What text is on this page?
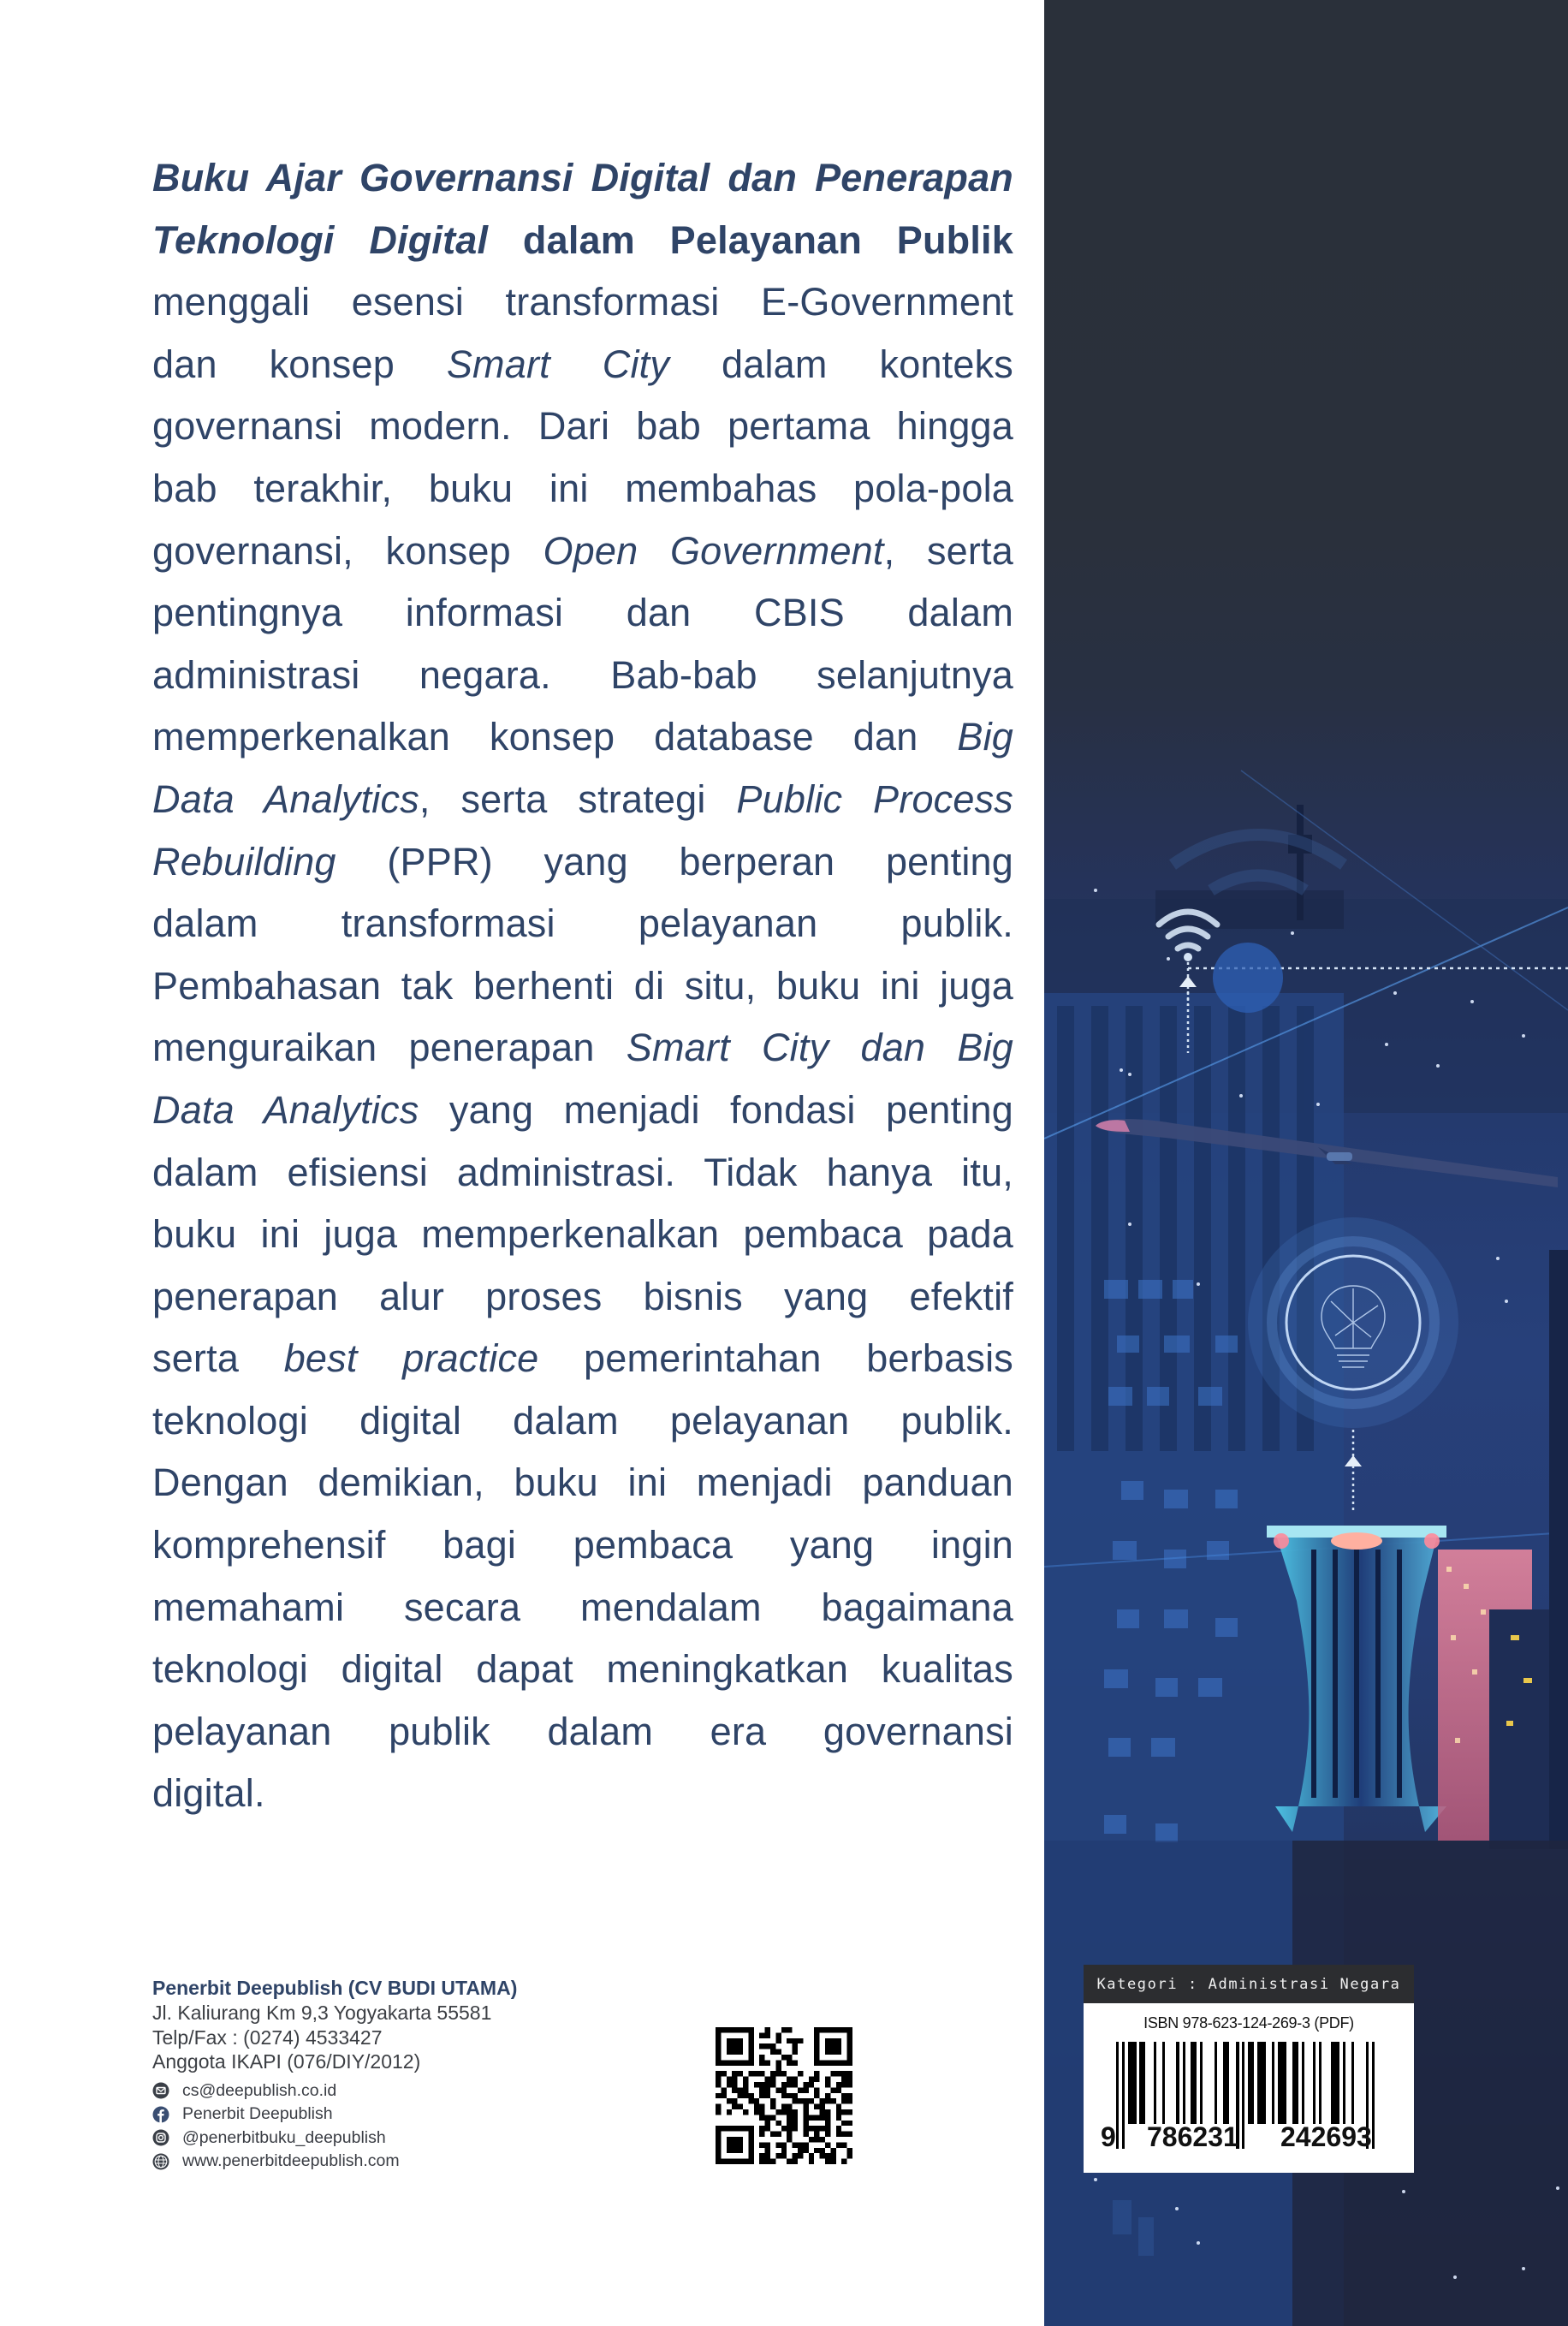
Buku Ajar Governansi Digital dan Penerapan
Teknologi Digital dalam Pelayanan Publik
menggali esensi transformasi E-Government
dan konsep Smart City dalam konteks
governansi modern. Dari bab pertama hingga
bab terakhir, buku ini membahas pola-pola
governansi, konsep Open Government, serta
pentingnya informasi dan CBIS dalam
administrasi negara. Bab-bab selanjutnya
memperkenalkan konsep database dan Big
Data Analytics, serta strategi Public Process
Rebuilding (PPR) yang berperan penting
dalam transformasi pelayanan publik.
Pembahasan tak berhenti di situ, buku ini juga
menguraikan penerapan Smart City dan Big
Data Analytics yang menjadi fondasi penting
dalam efisiensi administrasi. Tidak hanya itu,
buku ini juga memperkenalkan pembaca pada
penerapan alur proses bisnis yang efektif
serta best practice pemerintahan berbasis
teknologi digital dalam pelayanan publik.
Dengan demikian, buku ini menjadi panduan
komprehensif bagi pembaca yang ingin
memahami secara mendalam bagaimana
teknologi digital dapat meningkatkan kualitas
pelayanan publik dalam era governansi
digital.
Penerbit Deepublish (CV BUDI UTAMA)
Jl. Kaliurang Km 9,3 Yogyakarta 55581
Telp/Fax : (0274) 4533427
Anggota IKAPI (076/DIY/2012)
cs@deepublish.co.id
Penerbit Deepublish
@penerbitbuku_deepublish
www.penerbitdeepublish.com
Kategori : Administrasi Negara
ISBN 978-623-124-269-3 (PDF)
9 786231 242693
